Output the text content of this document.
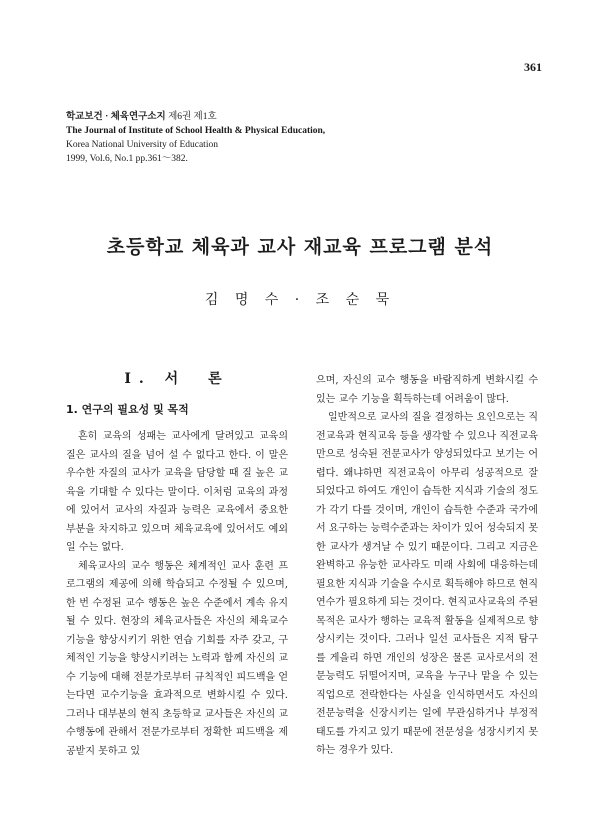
361
학교보건 · 체육연구소지 제6권 제1호
The Journal of Institute of School Health & Physical Education,
Korea National University of Education
1999, Vol.6, No.1 pp.361～382.
초등학교 체육과 교사 재교육 프로그램 분석
김 명 수 · 조 순 묵
Ⅰ. 서　론
1. 연구의 필요성 및 목적

흔히 교육의 성패는 교사에게 달려있고 교육의 질은 교사의 질을 넘어 설 수 없다고 한다. 이 말은 우수한 자질의 교사가 교육을 담당할 때 질 높은 교육을 기대할 수 있다는 말이다. 이처럼 교육의 과정에 있어서 교사의 자질과 능력은 교육에서 중요한 부분을 차지하고 있으며 체육교육에 있어서도 예외일 수는 없다.

체육교사의 교수 행동은 체계적인 교사 훈련 프로그램의 제공에 의해 학습되고 수정될 수 있으며, 한 번 수정된 교수 행동은 높은 수준에서 계속 유지될 수 있다. 현장의 체육교사들은 자신의 체육교수 기능을 향상시키기 위한 연습 기회를 자주 갖고, 구체적인 기능을 향상시키려는 노력과 함께 자신의 교수 기능에 대해 전문가로부터 규칙적인 피드백을 얻는다면 교수기능을 효과적으로 변화시킬 수 있다. 그러나 대부분의 현직 초등학교 교사들은 자신의 교수행동에 관해서 전문가로부터 정확한 피드백을 제공받지 못하고 있

으며, 자신의 교수 행동을 바람직하게 변화시킬 수 있는 교수 기능을 획득하는데 어려움이 많다.

일반적으로 교사의 질을 결정하는 요인으로는 직전교육과 현직교육 등을 생각할 수 있으나 직전교육만으로 성숙된 전문교사가 양성되었다고 보기는 어렵다. 왜냐하면 직전교육이 아무리 성공적으로 잘 되었다고 하여도 개인이 습득한 지식과 기술의 정도가 각기 다를 것이며, 개인이 습득한 수준과 국가에서 요구하는 능력수준과는 차이가 있어 성숙되지 못한 교사가 생겨날 수 있기 때문이다. 그리고 지금은 완벽하고 유능한 교사라도 미래 사회에 대응하는데 필요한 지식과 기술을 수시로 획득해야 하므로 현직 연수가 필요하게 되는 것이다. 현직교사교육의 주된 목적은 교사가 행하는 교육적 활동을 실제적으로 향상시키는 것이다. 그러나 일선 교사들은 지적 탐구를 게을리 하면 개인의 성장은 물론 교사로서의 전문능력도 뒤떨어지며, 교육을 누구나 맡을 수 있는 직업으로 전락한다는 사실을 인식하면서도 자신의 전문능력을 신장시키는 일에 무관심하거나 부정적 태도를 가지고 있기 때문에 전문성을 성장시키지 못하는 경우가 있다.
